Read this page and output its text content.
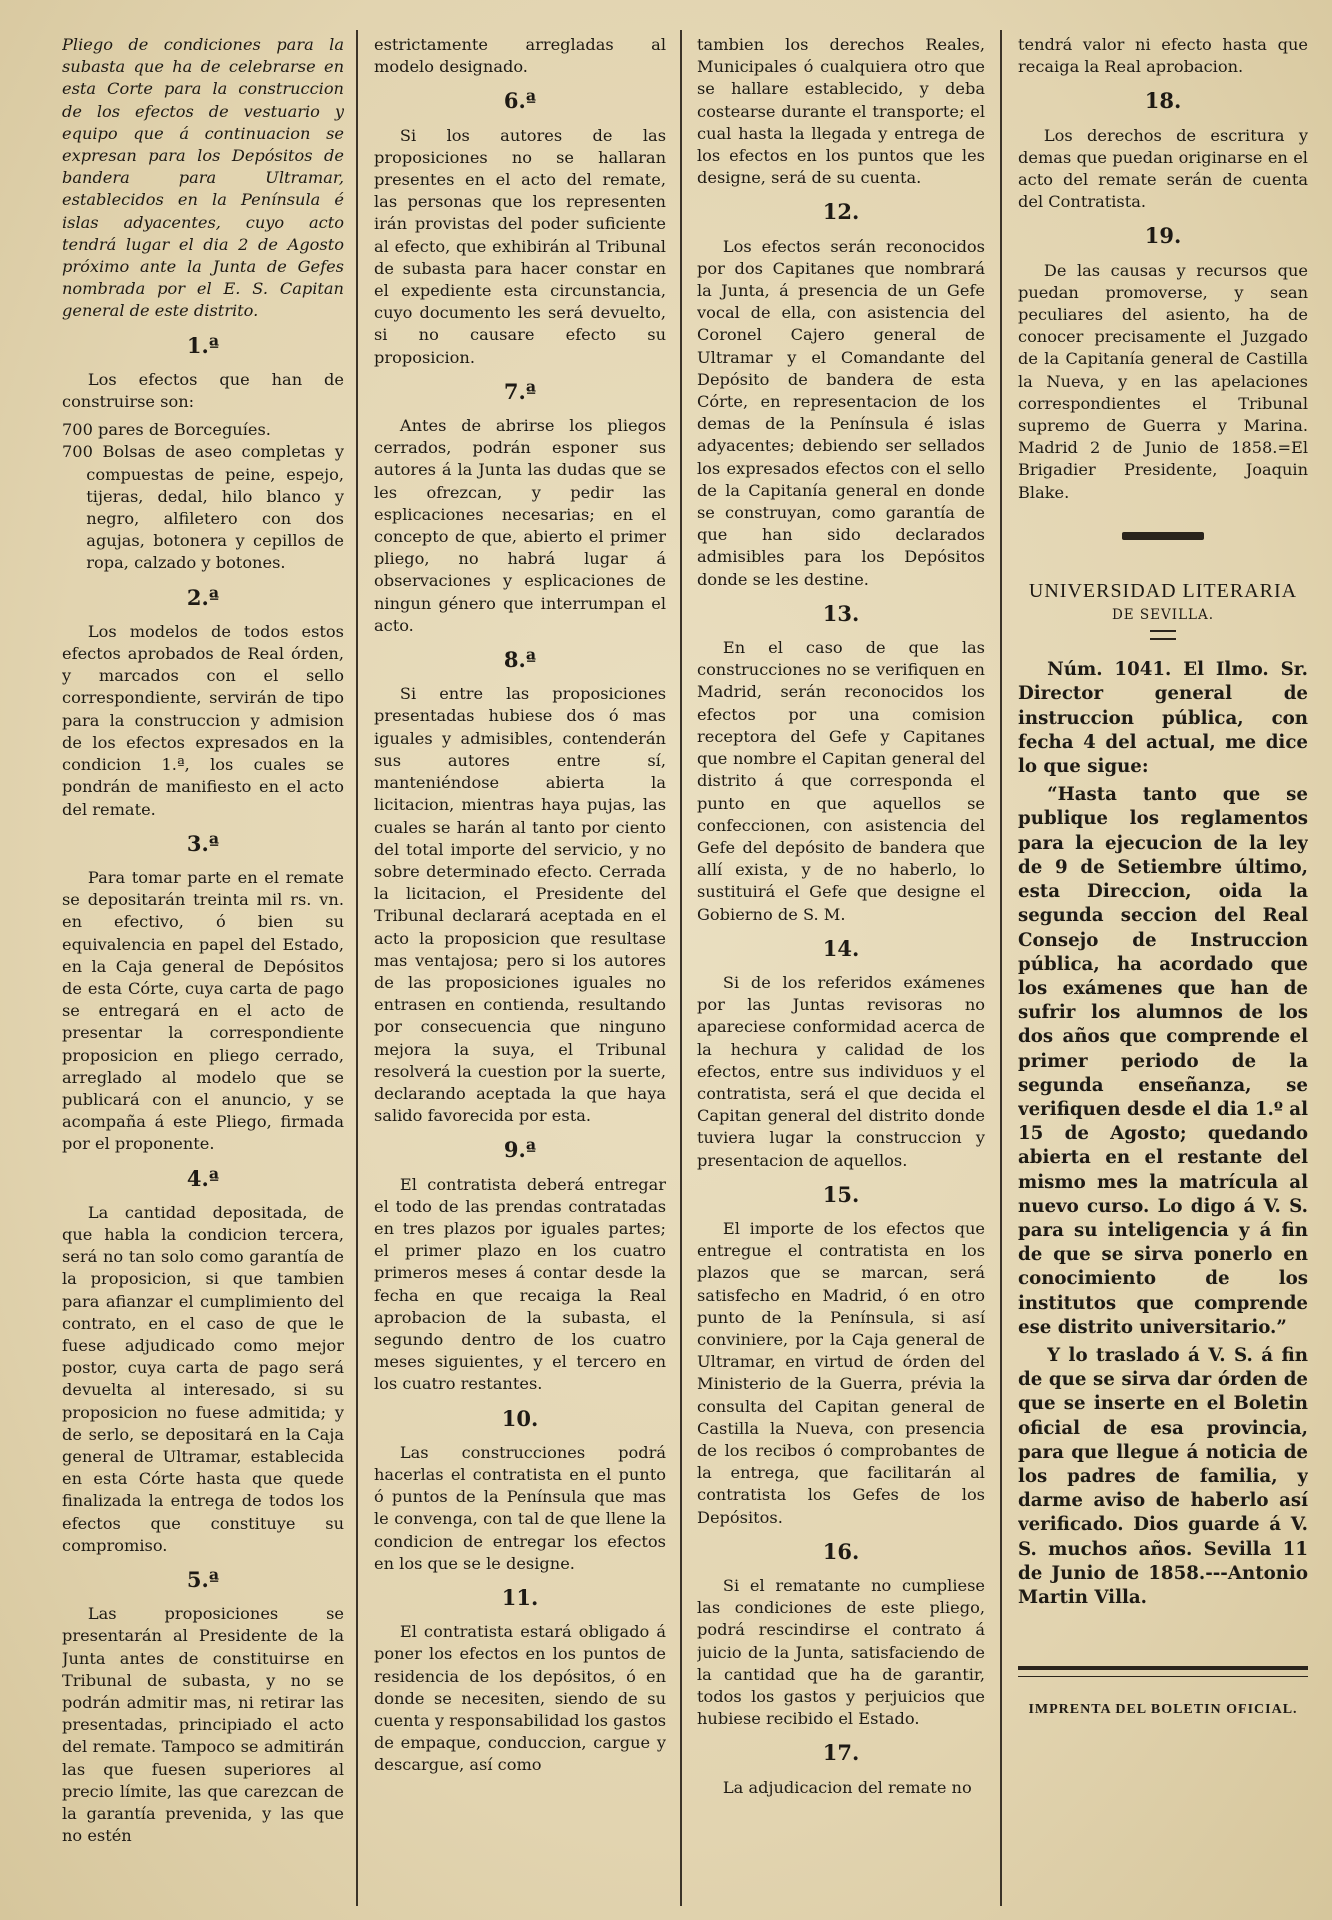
Pliego de condiciones para la subasta que ha de celebrarse en esta Corte para la construccion de los efectos de vestuario y equipo que á continuacion se expresan para los Depósitos de bandera para Ultramar, establecidos en la Península é islas adyacentes, cuyo acto tendrá lugar el dia 2 de Agosto próximo ante la Junta de Gefes nombrada por el E. S. Capitan general de este distrito.

1.ª

Los efectos que han de construirse son:

700 pares de Borceguíes.
700 Bolsas de aseo completas y compuestas de peine, espejo, tijeras, dedal, hilo blanco y negro, alfiletero con dos agujas, botonera y cepillos de ropa, calzado y botones.
2.ª

Los modelos de todos estos efectos aprobados de Real órden, y marcados con el sello correspondiente, servirán de tipo para la construccion y admision de los efectos expresados en la condicion 1.ª, los cuales se pondrán de manifiesto en el acto del remate.

3.ª

Para tomar parte en el remate se depositarán treinta mil rs. vn. en efectivo, ó bien su equivalencia en papel del Estado, en la Caja general de Depósitos de esta Córte, cuya carta de pago se entregará en el acto de presentar la correspondiente proposicion en pliego cerrado, arreglado al modelo que se publicará con el anuncio, y se acompaña á este Pliego, firmada por el proponente.

4.ª

La cantidad depositada, de que habla la condicion tercera, será no tan solo como garantía de la proposicion, si que tambien para afianzar el cumplimiento del contrato, en el caso de que le fuese adjudicado como mejor postor, cuya carta de pago será devuelta al interesado, si su proposicion no fuese admitida; y de serlo, se depositará en la Caja general de Ultramar, establecida en esta Córte hasta que quede finalizada la entrega de todos los efectos que constituye su compromiso.

5.ª

Las proposiciones se presentarán al Presidente de la Junta antes de constituirse en Tribunal de subasta, y no se podrán admitir mas, ni retirar las presentadas, principiado el acto del remate. Tampoco se admitirán las que fuesen superiores al precio límite, las que carezcan de la garantía prevenida, y las que no estén

estrictamente arregladas al modelo designado.

6.ª

Si los autores de las proposiciones no se hallaran presentes en el acto del remate, las personas que los representen irán provistas del poder suficiente al efecto, que exhibirán al Tribunal de subasta para hacer constar en el expediente esta circunstancia, cuyo documento les será devuelto, si no causare efecto su proposicion.

7.ª

Antes de abrirse los pliegos cerrados, podrán esponer sus autores á la Junta las dudas que se les ofrezcan, y pedir las esplicaciones necesarias; en el concepto de que, abierto el primer pliego, no habrá lugar á observaciones y esplicaciones de ningun género que interrumpan el acto.

8.ª

Si entre las proposiciones presentadas hubiese dos ó mas iguales y admisibles, contenderán sus autores entre sí, manteniéndose abierta la licitacion, mientras haya pujas, las cuales se harán al tanto por ciento del total importe del servicio, y no sobre determinado efecto. Cerrada la licitacion, el Presidente del Tribunal declarará aceptada en el acto la proposicion que resultase mas ventajosa; pero si los autores de las proposiciones iguales no entrasen en contienda, resultando por consecuencia que ninguno mejora la suya, el Tribunal resolverá la cuestion por la suerte, declarando aceptada la que haya salido favorecida por esta.

9.ª

El contratista deberá entregar el todo de las prendas contratadas en tres plazos por iguales partes; el primer plazo en los cuatro primeros meses á contar desde la fecha en que recaiga la Real aprobacion de la subasta, el segundo dentro de los cuatro meses siguientes, y el tercero en los cuatro restantes.

10.

Las construcciones podrá hacerlas el contratista en el punto ó puntos de la Península que mas le convenga, con tal de que llene la condicion de entregar los efectos en los que se le designe.

11.

El contratista estará obligado á poner los efectos en los puntos de residencia de los depósitos, ó en donde se necesiten, siendo de su cuenta y responsabilidad los gastos de empaque, conduccion, cargue y descargue, así como

tambien los derechos Reales, Municipales ó cualquiera otro que se hallare establecido, y deba costearse durante el transporte; el cual hasta la llegada y entrega de los efectos en los puntos que les designe, será de su cuenta.

12.

Los efectos serán reconocidos por dos Capitanes que nombrará la Junta, á presencia de un Gefe vocal de ella, con asistencia del Coronel Cajero general de Ultramar y el Comandante del Depósito de bandera de esta Córte, en representacion de los demas de la Península é islas adyacentes; debiendo ser sellados los expresados efectos con el sello de la Capitanía general en donde se construyan, como garantía de que han sido declarados admisibles para los Depósitos donde se les destine.

13.

En el caso de que las construcciones no se verifiquen en Madrid, serán reconocidos los efectos por una comision receptora del Gefe y Capitanes que nombre el Capitan general del distrito á que corresponda el punto en que aquellos se confeccionen, con asistencia del Gefe del depósito de bandera que allí exista, y de no haberlo, lo sustituirá el Gefe que designe el Gobierno de S. M.

14.

Si de los referidos exámenes por las Juntas revisoras no apareciese conformidad acerca de la hechura y calidad de los efectos, entre sus individuos y el contratista, será el que decida el Capitan general del distrito donde tuviera lugar la construccion y presentacion de aquellos.

15.

El importe de los efectos que entregue el contratista en los plazos que se marcan, será satisfecho en Madrid, ó en otro punto de la Península, si así conviniere, por la Caja general de Ultramar, en virtud de órden del Ministerio de la Guerra, prévia la consulta del Capitan general de Castilla la Nueva, con presencia de los recibos ó comprobantes de la entrega, que facilitarán al contratista los Gefes de los Depósitos.

16.

Si el rematante no cumpliese las condiciones de este pliego, podrá rescindirse el contrato á juicio de la Junta, satisfaciendo de la cantidad que ha de garantir, todos los gastos y perjuicios que hubiese recibido el Estado.

17.

La adjudicacion del remate no

tendrá valor ni efecto hasta que recaiga la Real aprobacion.

18.

Los derechos de escritura y demas que puedan originarse en el acto del remate serán de cuenta del Contratista.

19.

De las causas y recursos que puedan promoverse, y sean peculiares del asiento, ha de conocer precisamente el Juzgado de la Capitanía general de Castilla la Nueva, y en las apelaciones correspondientes el Tribunal supremo de Guerra y Marina. Madrid 2 de Junio de 1858.=El Brigadier Presidente, Joaquin Blake.

UNIVERSIDAD LITERARIA
DE SEVILLA.

Núm. 1041. El Ilmo. Sr. Director general de instruccion pública, con fecha 4 del actual, me dice lo que sigue:

“Hasta tanto que se publique los reglamentos para la ejecucion de la ley de 9 de Setiembre último, esta Direccion, oida la segunda seccion del Real Consejo de Instruccion pública, ha acordado que los exámenes que han de sufrir los alumnos de los dos años que comprende el primer periodo de la segunda enseñanza, se verifiquen desde el dia 1.º al 15 de Agosto; quedando abierta en el restante del mismo mes la matrícula al nuevo curso. Lo digo á V. S. para su inteligencia y á fin de que se sirva ponerlo en conocimiento de los institutos que comprende ese distrito universitario.”

Y lo traslado á V. S. á fin de que se sirva dar órden de que se inserte en el Boletin oficial de esa provincia, para que llegue á noticia de los padres de familia, y darme aviso de haberlo así verificado. Dios guarde á V. S. muchos años. Sevilla 11 de Junio de 1858.---Antonio Martin Villa.

IMPRENTA DEL BOLETIN OFICIAL.
